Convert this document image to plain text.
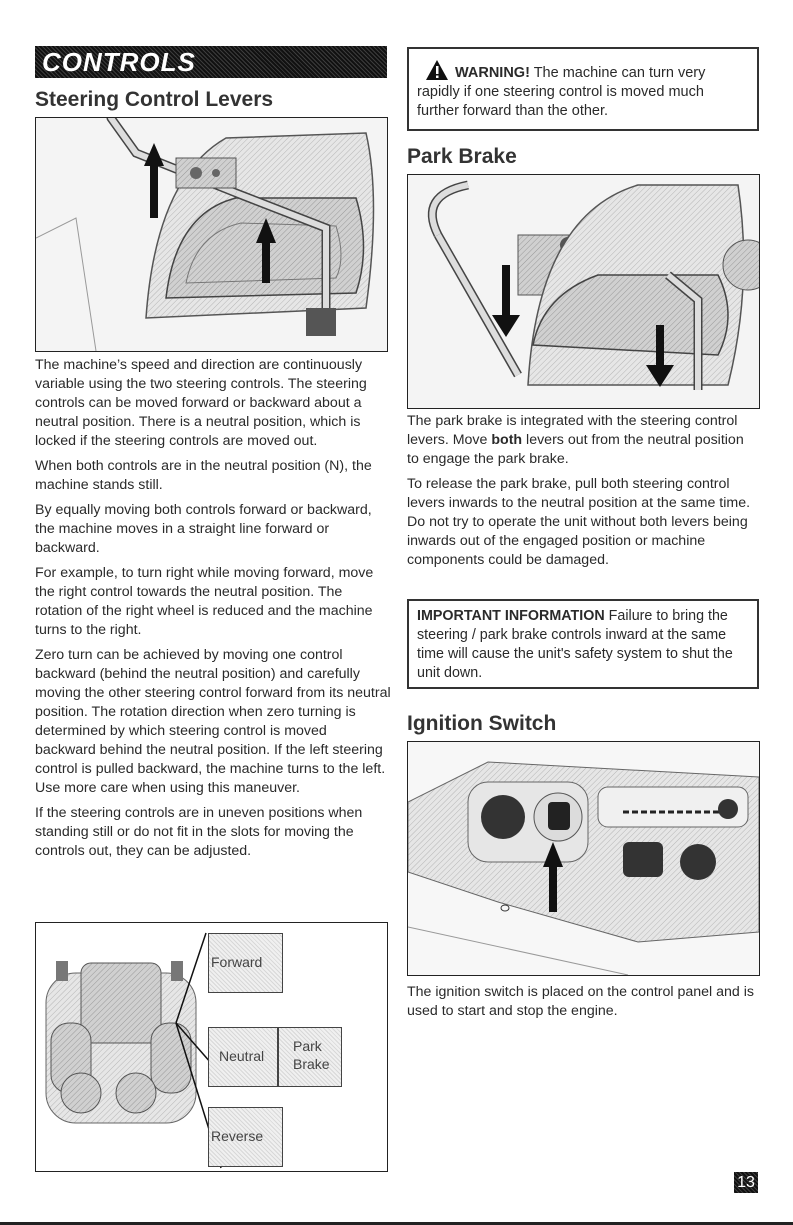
CONTROLS
Steering Control Levers

The machine’s speed and direction are continuously variable using the two steering controls. The steering controls can be moved forward or backward about a neutral position. There is a neutral position, which is locked if the steering controls are moved out.

When both controls are in the neutral position (N), the machine stands still.

By equally moving both controls forward or backward, the machine moves in a straight line forward or backward.

For example, to turn right while moving forward, move the right control towards the neutral position. The rotation of the right wheel is reduced and the machine turns to the right.

Zero turn can be achieved by moving one control backward (behind the neutral position) and carefully moving the other steering control forward from its neutral position. The rotation direction when zero turning is determined by which steering control is moved backward behind the neutral position. If the left steering control is pulled backward, the machine turns to the left. Use more care when using this maneuver.

If the steering controls are in uneven positions when standing still or do not fit in the slots for moving the controls out, they can be adjusted.

Forward
Neutral
Park
Brake
Reverse
WARNING! The machine can turn very rapidly if one steering control is moved much further forward than the other.
Park Brake

The park brake is integrated with the steering control levers. Move both levers out from the neutral position to engage the park brake.

To release the park brake, pull both steering control levers inwards to the neutral position at the same time. Do not try to operate the unit without both levers being inwards out of the engaged position or machine components could be damaged.

IMPORTANT INFORMATION Failure to bring the steering / park brake controls inward at the same time will cause the unit's safety system to shut the unit down.
Ignition Switch

The ignition switch is placed on the control panel and is used to start and stop the engine.

13
